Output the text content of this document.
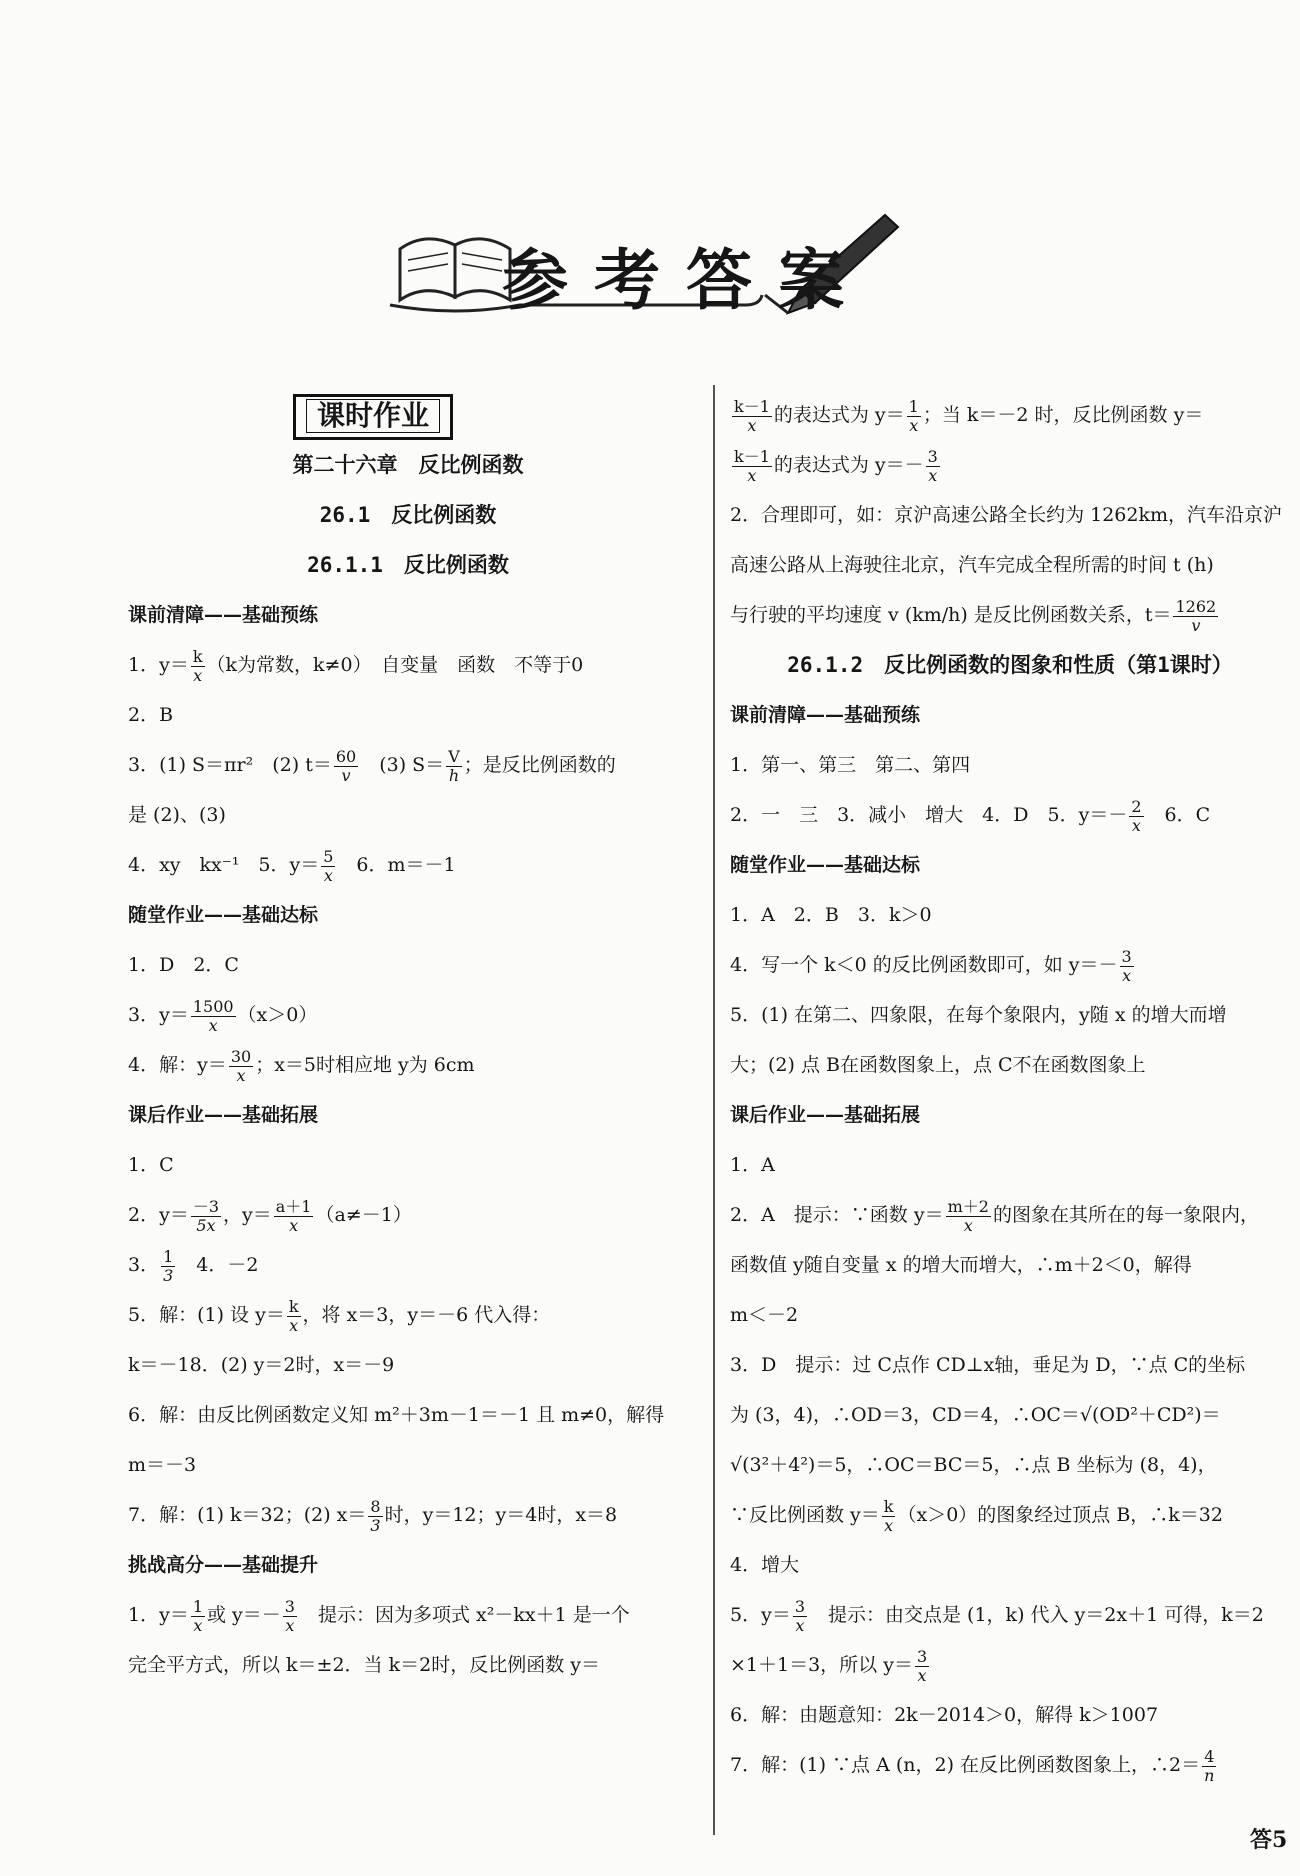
参考答案
课时作业
第二十六章　反比例函数
26.1　反比例函数
26.1.1　反比例函数
课前清障——基础预练
1．$y= \frac{k}{x} (k$为常数，k≠0）　自变量　函数　不等于0
2．B
3．(1) S＝πr²　(2) $t= \frac{60}{v}$ 　(3) $S= \frac{V}{h}$ ；是反比例函数的
是 (2)、(3)
4．xy　kx⁻¹　5．$y= \frac{5}{x}$ 　6．m＝－1
随堂作业——基础达标
1．D　2．C
3．$y= \frac{1500}{x} (x>0)$
4．解：$y= \frac{30}{x}$ ；x＝5时相应地 y为 6cm
课后作业——基础拓展
1．C
2．$y= \frac{-3}{5x}$ ，$y= \frac{a+1}{x} (a\ne-1)$
3． $\frac{1}{3}$ 　4．－2
5．解：(1) 设 $y= \frac{k}{x}$ ，将 x＝3，y＝－6 代入得：
k＝－18．(2) y＝2时，x＝－9
6．解：由反比例函数定义知 m²＋3m－1＝－1 且 m≠0，解得
m＝－3
7．解：(1) k＝32；(2) $x= \frac{8}{3}$ 时，y＝12；y＝4时，x＝8
挑战高分——基础提升
1．$y= \frac{1}{x}$ 或 $y=- \frac{3}{x}$ 　提示：因为多项式 x²－kx＋1 是一个
完全平方式，所以 k＝±2．当 k＝2时，反比例函数 y＝
$\frac{k-1}{x}$ 的表达式为 $y= \frac{1}{x}$ ；当 k＝－2 时，反比例函数 y＝
$\frac{k-1}{x}$ 的表达式为 $y=- \frac{3}{x}$
2．合理即可，如：京沪高速公路全长约为 1262km，汽车沿京沪
高速公路从上海驶往北京，汽车完成全程所需的时间 t (h)
与行驶的平均速度 v (km/h) 是反比例函数关系，$t= \frac{1262}{v}$
26.1.2　反比例函数的图象和性质（第1课时）
课前清障——基础预练
1．第一、第三　第二、第四
2．一　三　3．减小　增大　4．D　5．$y=- \frac{2}{x}$ 　6．C
随堂作业——基础达标
1．A　2．B　3．k＞0
4．写一个 k＜0 的反比例函数即可，如 $y=- \frac{3}{x}$
5．(1) 在第二、四象限，在每个象限内，y随 x 的增大而增
大；(2) 点 B在函数图象上，点 C不在函数图象上
课后作业——基础拓展
1．A
2．A　提示：∵函数 $y= \frac{m+2}{x}$ 的图象在其所在的每一象限内，
函数值 y随自变量 x 的增大而增大，∴m＋2＜0，解得
m＜－2
3．D　提示：过 C点作 CD⊥x轴，垂足为 D，∵点 C的坐标
为 (3，4)，∴OD＝3，CD＝4，∴OC＝√(OD²＋CD²)＝
√(3²＋4²)＝5，∴OC＝BC＝5，∴点 B 坐标为 (8，4)，
∵反比例函数 $y= \frac{k}{x} (x>0)$的图象经过顶点 B，∴k＝32
4．增大
5．$y= \frac{3}{x}$ 　提示：由交点是 (1，k) 代入 y＝2x＋1 可得，k＝2
×1＋1＝3，所以 $y= \frac{3}{x}$
6．解：由题意知：2k－2014＞0，解得 k＞1007
7．解：(1) ∵点 A (n，2) 在反比例函数图象上，∴2＝ $\frac{4}{n}$
答5
